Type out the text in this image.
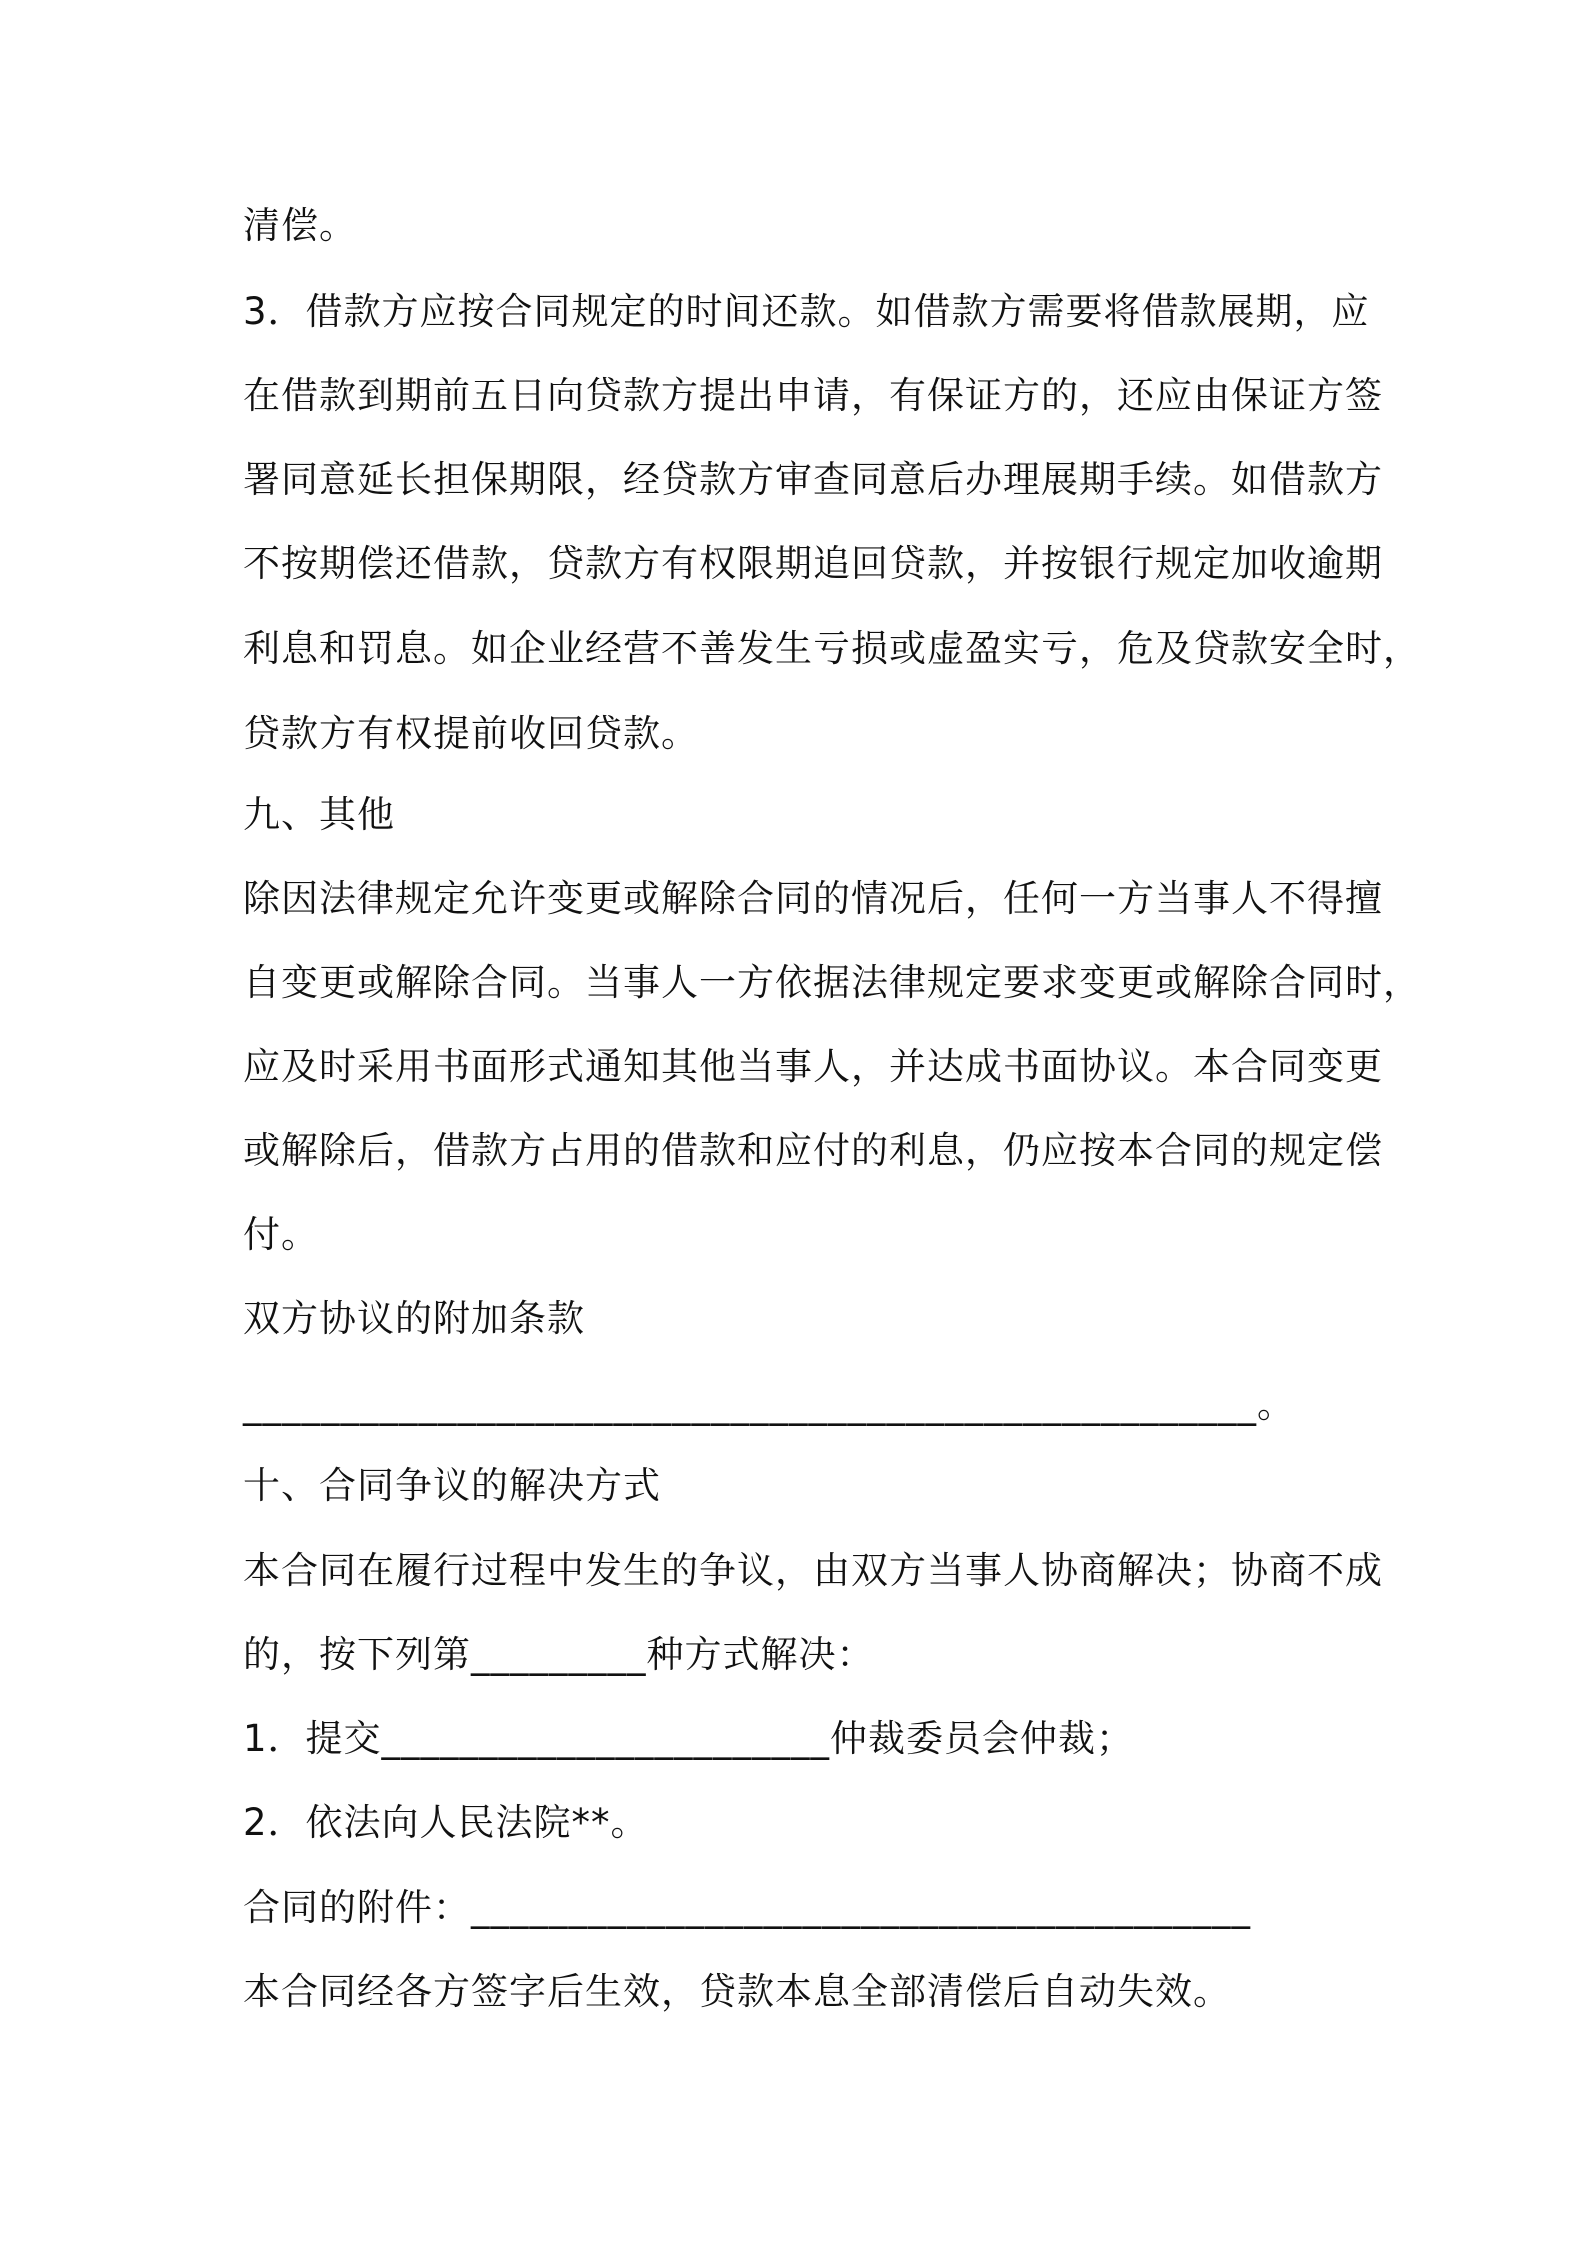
清偿。
3．借款方应按合同规定的时间还款。如借款方需要将借款展期，应
在借款到期前五日向贷款方提出申请，有保证方的，还应由保证方签
署同意延长担保期限，经贷款方审查同意后办理展期手续。如借款方
不按期偿还借款，贷款方有权限期追回贷款，并按银行规定加收逾期
利息和罚息。如企业经营不善发生亏损或虚盈实亏，危及贷款安全时，
贷款方有权提前收回贷款。
九、其他
除因法律规定允许变更或解除合同的情况后，任何一方当事人不得擅
自变更或解除合同。当事人一方依据法律规定要求变更或解除合同时，
应及时采用书面形式通知其他当事人，并达成书面协议。本合同变更
或解除后，借款方占用的借款和应付的利息，仍应按本合同的规定偿
付。
双方协议的附加条款
____________________________________________________。
十、合同争议的解决方式
本合同在履行过程中发生的争议，由双方当事人协商解决；协商不成
的，按下列第_________种方式解决：
1．提交_______________________仲裁委员会仲裁；
2．依法向人民法院**。
合同的附件：________________________________________
本合同经各方签字后生效，贷款本息全部清偿后自动失效。
